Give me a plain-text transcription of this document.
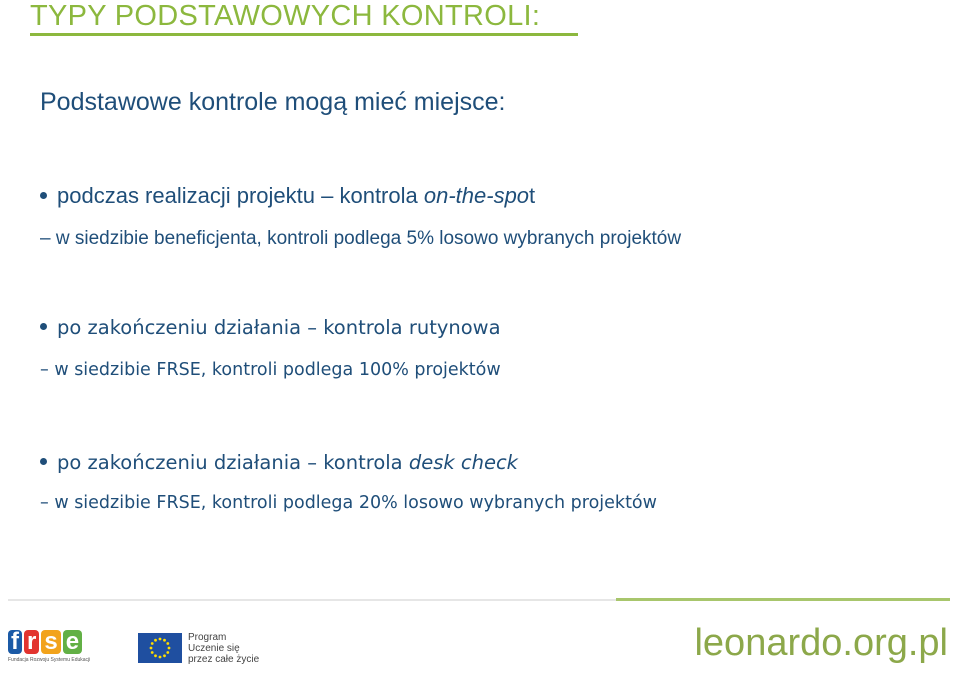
TYPY PODSTAWOWYCH KONTROLI:
Podstawowe kontrole mogą mieć miejsce:
podczas realizacji projektu – kontrola on-the-spot
– w siedzibie beneficjenta, kontroli podlega 5% losowo wybranych projektów
po zakończeniu działania – kontrola rutynowa
– w siedzibie FRSE, kontroli podlega 100% projektów
po zakończeniu działania – kontrola desk check
– w siedzibie FRSE, kontroli podlega 20% losowo wybranych projektów
f r s e
Fundacja Rozwoju Systemu Edukacji
Program
Uczenie się
przez całe życie	leonardo.org.pl
